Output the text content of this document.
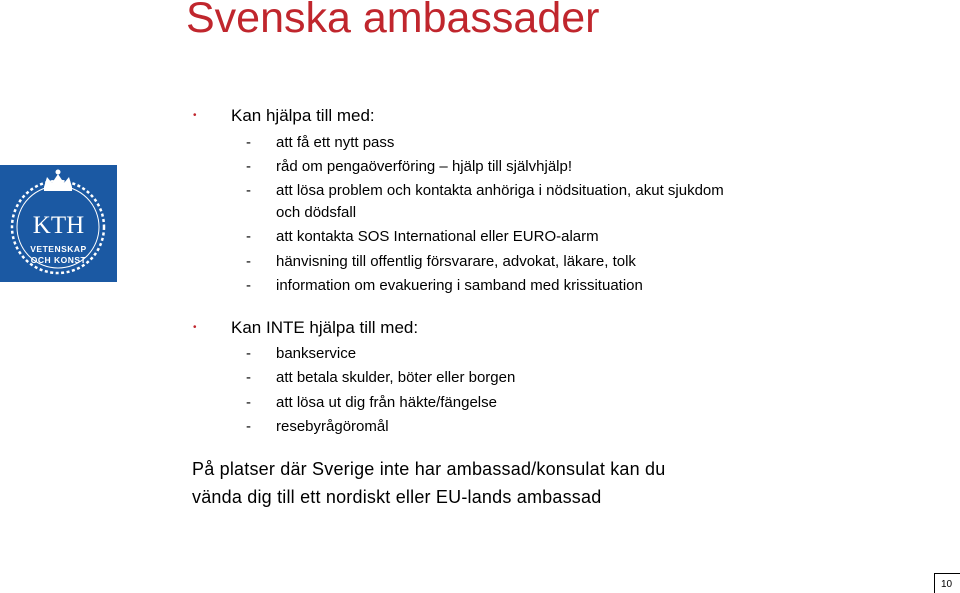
Svenska ambassader
KTH
VETENSKAP
OCH KONST
• Kan hjälpa till med:
- att få ett nytt pass
- råd om pengaöverföring – hjälp till självhjälp!
- att lösa problem och kontakta anhöriga i nödsituation, akut sjukdom
och dödsfall
- att kontakta SOS International eller EURO-alarm
- hänvisning till offentlig försvarare, advokat, läkare, tolk
- information om evakuering i samband med krissituation
• Kan INTE hjälpa till med:
- bankservice
- att betala skulder, böter eller borgen
- att lösa ut dig från häkte/fängelse
- resebyrågöromål
På platser där Sverige inte har ambassad/konsulat kan du
vända dig till ett nordiskt eller EU-lands ambassad
10
